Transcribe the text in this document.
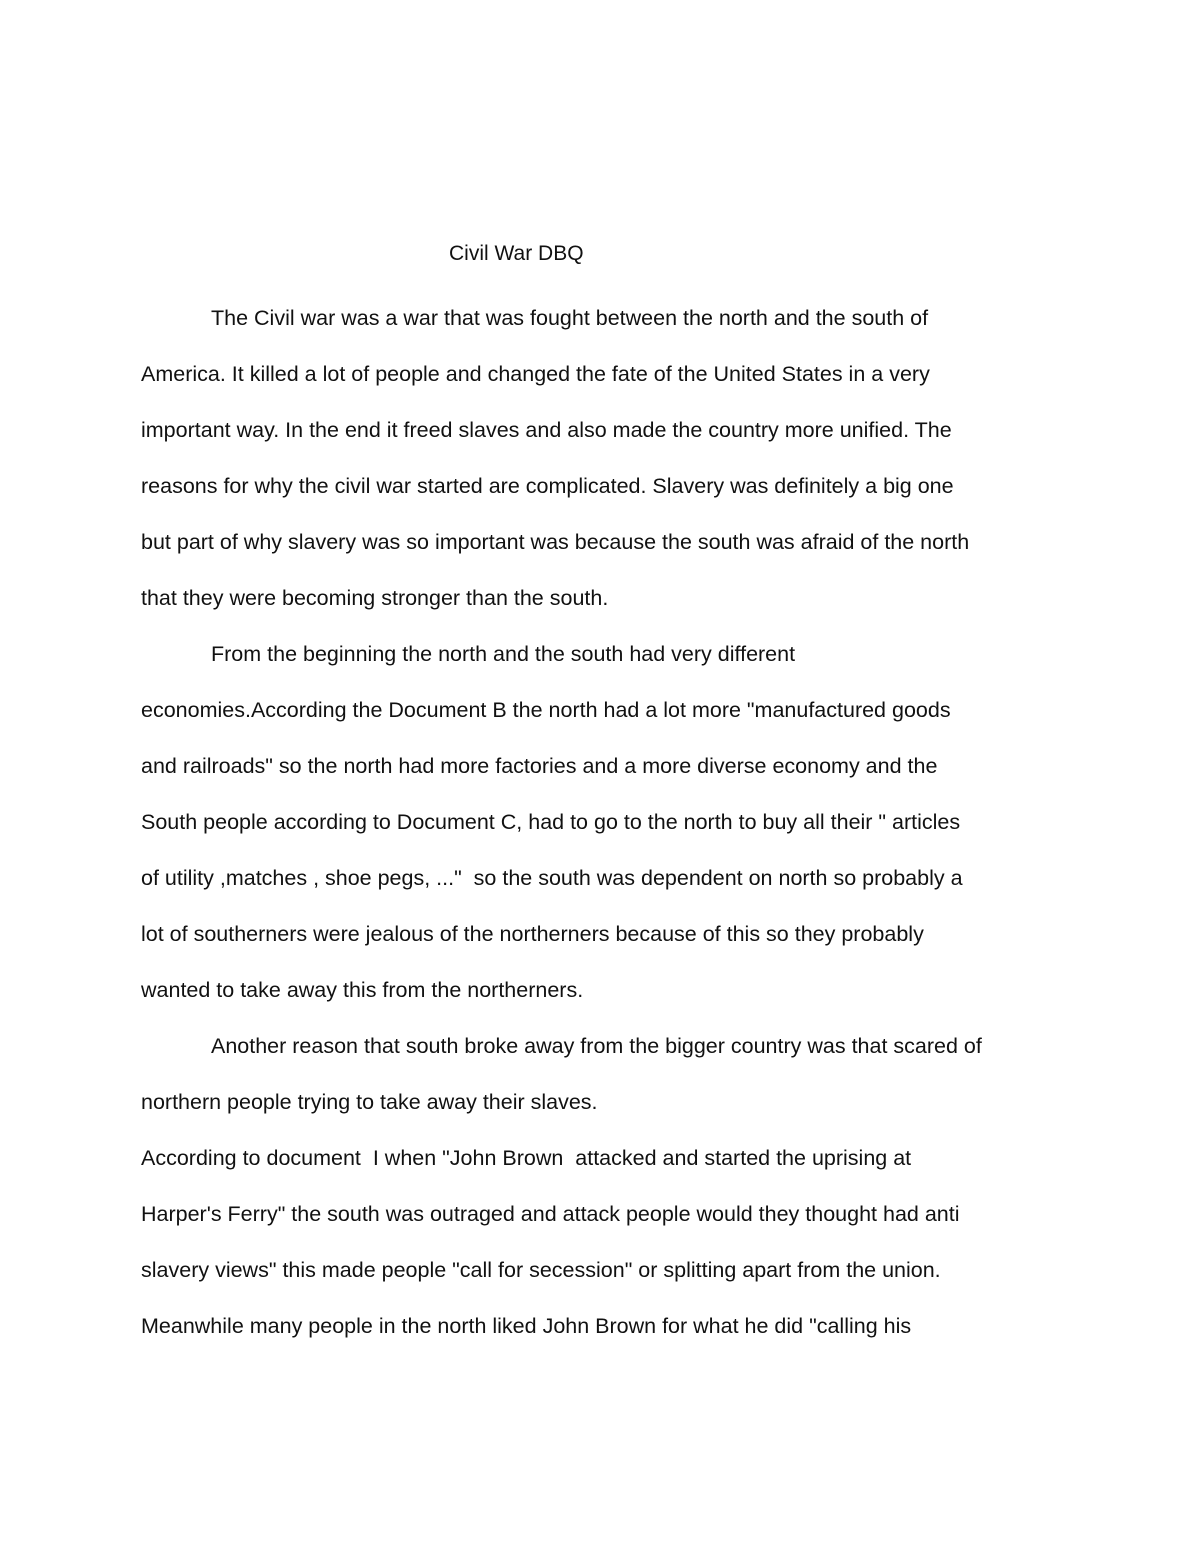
Civil War DBQ
The Civil war was a war that was fought between the north and the south of
America. It killed a lot of people and changed the fate of the United States in a very
important way. In the end it freed slaves and also made the country more unified. The
reasons for why the civil war started are complicated. Slavery was definitely a big one
but part of why slavery was so important was because the south was afraid of the north
that they were becoming stronger than the south.
From the beginning the north and the south had very different
economies.According the Document B the north had a lot more "manufactured goods
and railroads" so the north had more factories and a more diverse economy and the
South people according to Document C, had to go to the north to buy all their " articles
of utility ,matches , shoe pegs, ..."  so the south was dependent on north so probably a
lot of southerners were jealous of the northerners because of this so they probably
wanted to take away this from the northerners.
Another reason that south broke away from the bigger country was that scared of
northern people trying to take away their slaves.
According to document  I when "John Brown  attacked and started the uprising at
Harper's Ferry" the south was outraged and attack people would they thought had anti
slavery views" this made people "call for secession" or splitting apart from the union.
Meanwhile many people in the north liked John Brown for what he did "calling his
